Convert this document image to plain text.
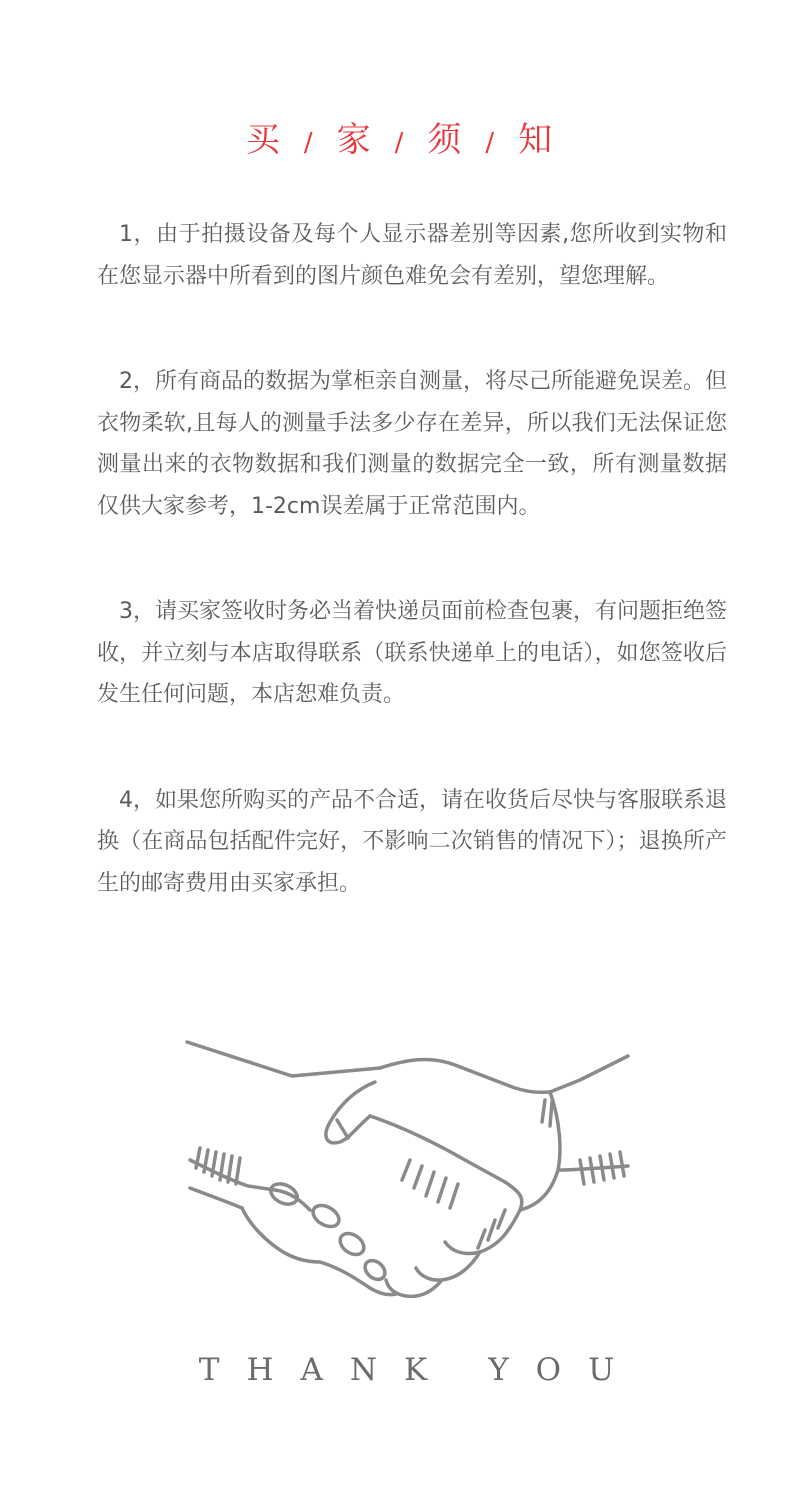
买 / 家 / 须 / 知

1，由于拍摄设备及每个人显示器差别等因素,您所收到实物和在您显示器中所看到的图片颜色难免会有差别，望您理解。

2，所有商品的数据为掌柜亲自测量，将尽己所能避免误差。但衣物柔软,且每人的测量手法多少存在差异，所以我们无法保证您测量出来的衣物数据和我们测量的数据完全一致，所有测量数据仅供大家参考，1-2cm误差属于正常范围内。

3，请买家签收时务必当着快递员面前检查包裹，有问题拒绝签收，并立刻与本店取得联系（联系快递单上的电话），如您签收后发生任何问题，本店恕难负责。

4，如果您所购买的产品不合适，请在收货后尽快与客服联系退换（在商品包括配件完好，不影响二次销售的情况下）；退换所产生的邮寄费用由买家承担。

THANK YOU
